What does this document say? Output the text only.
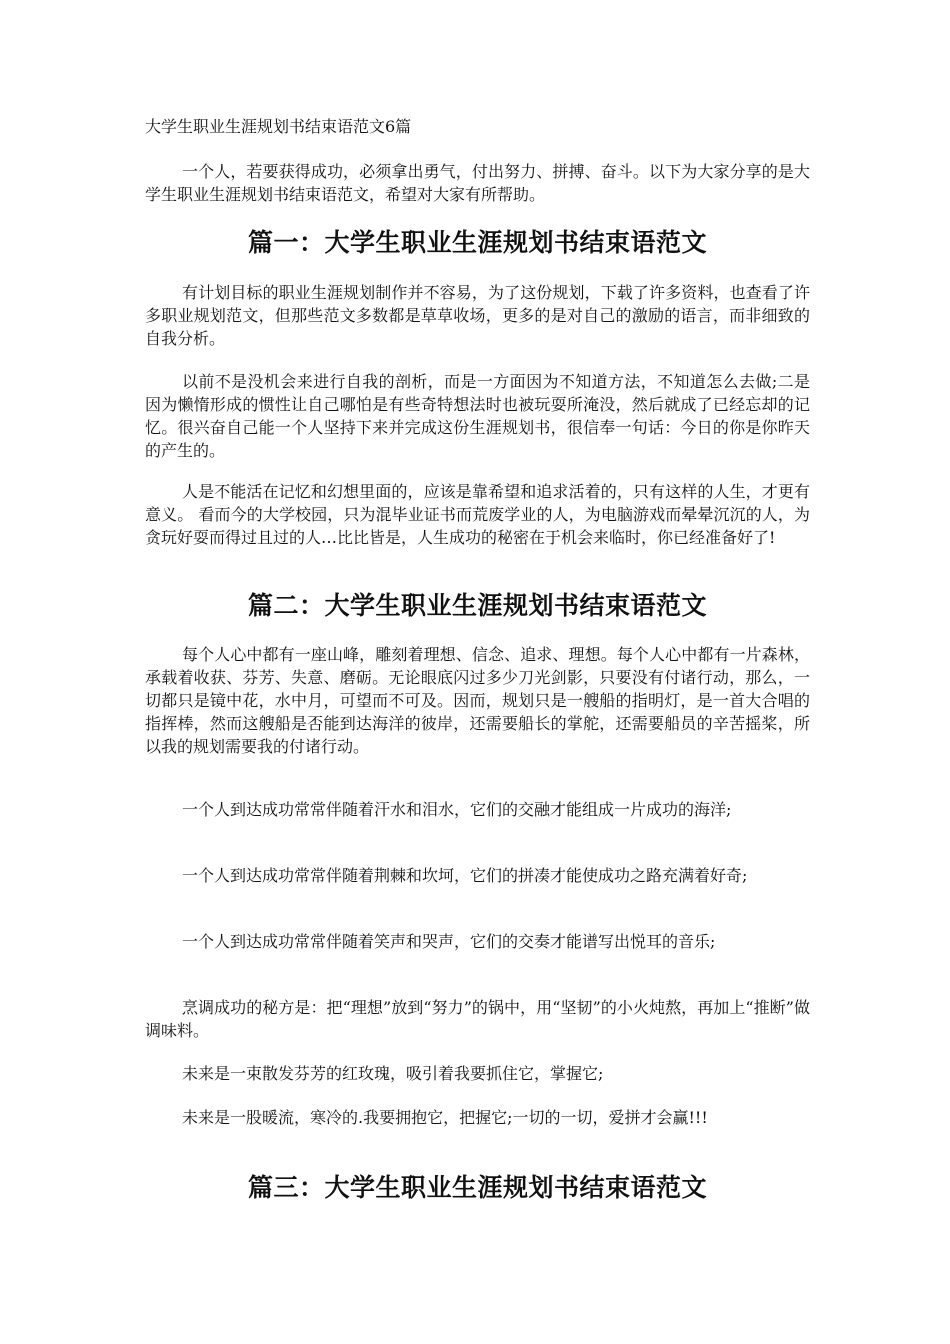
大学生职业生涯规划书结束语范文6篇

一个人，若要获得成功，必须拿出勇气，付出努力、拼搏、奋斗。以下为大家分享的是大学生职业生涯规划书结束语范文，希望对大家有所帮助。

篇一：大学生职业生涯规划书结束语范文

有计划目标的职业生涯规划制作并不容易，为了这份规划，下载了许多资料，也查看了许多职业规划范文，但那些范文多数都是草草收场，更多的是对自己的激励的语言，而非细致的自我分析。

以前不是没机会来进行自我的剖析，而是一方面因为不知道方法，不知道怎么去做;二是因为懒惰形成的惯性让自己哪怕是有些奇特想法时也被玩耍所淹没，然后就成了已经忘却的记忆。很兴奋自己能一个人坚持下来并完成这份生涯规划书，很信奉一句话：今日的你是你昨天的产生的。

人是不能活在记忆和幻想里面的，应该是靠希望和追求活着的，只有这样的人生，才更有意义。 看而今的大学校园，只为混毕业证书而荒废学业的人，为电脑游戏而晕晕沉沉的人，为贪玩好耍而得过且过的人…比比皆是，人生成功的秘密在于机会来临时，你已经准备好了!

篇二：大学生职业生涯规划书结束语范文

每个人心中都有一座山峰，雕刻着理想、信念、追求、理想。每个人心中都有一片森林，承载着收获、芬芳、失意、磨砺。无论眼底闪过多少刀光剑影，只要没有付诸行动，那么，一切都只是镜中花，水中月，可望而不可及。因而，规划只是一艘船的指明灯，是一首大合唱的指挥棒，然而这艘船是否能到达海洋的彼岸，还需要船长的掌舵，还需要船员的辛苦摇桨，所以我的规划需要我的付诸行动。

一个人到达成功常常伴随着汗水和泪水，它们的交融才能组成一片成功的海洋;

一个人到达成功常常伴随着荆棘和坎坷，它们的拼凑才能使成功之路充满着好奇;

一个人到达成功常常伴随着笑声和哭声，它们的交奏才能谱写出悦耳的音乐;

烹调成功的秘方是：把“理想”放到“努力”的锅中，用“坚韧”的小火炖熬，再加上“推断”做调味料。

未来是一束散发芬芳的红玫瑰，吸引着我要抓住它，掌握它;

未来是一股暖流，寒冷的.我要拥抱它，把握它;一切的一切，爱拼才会赢!!!

篇三：大学生职业生涯规划书结束语范文
